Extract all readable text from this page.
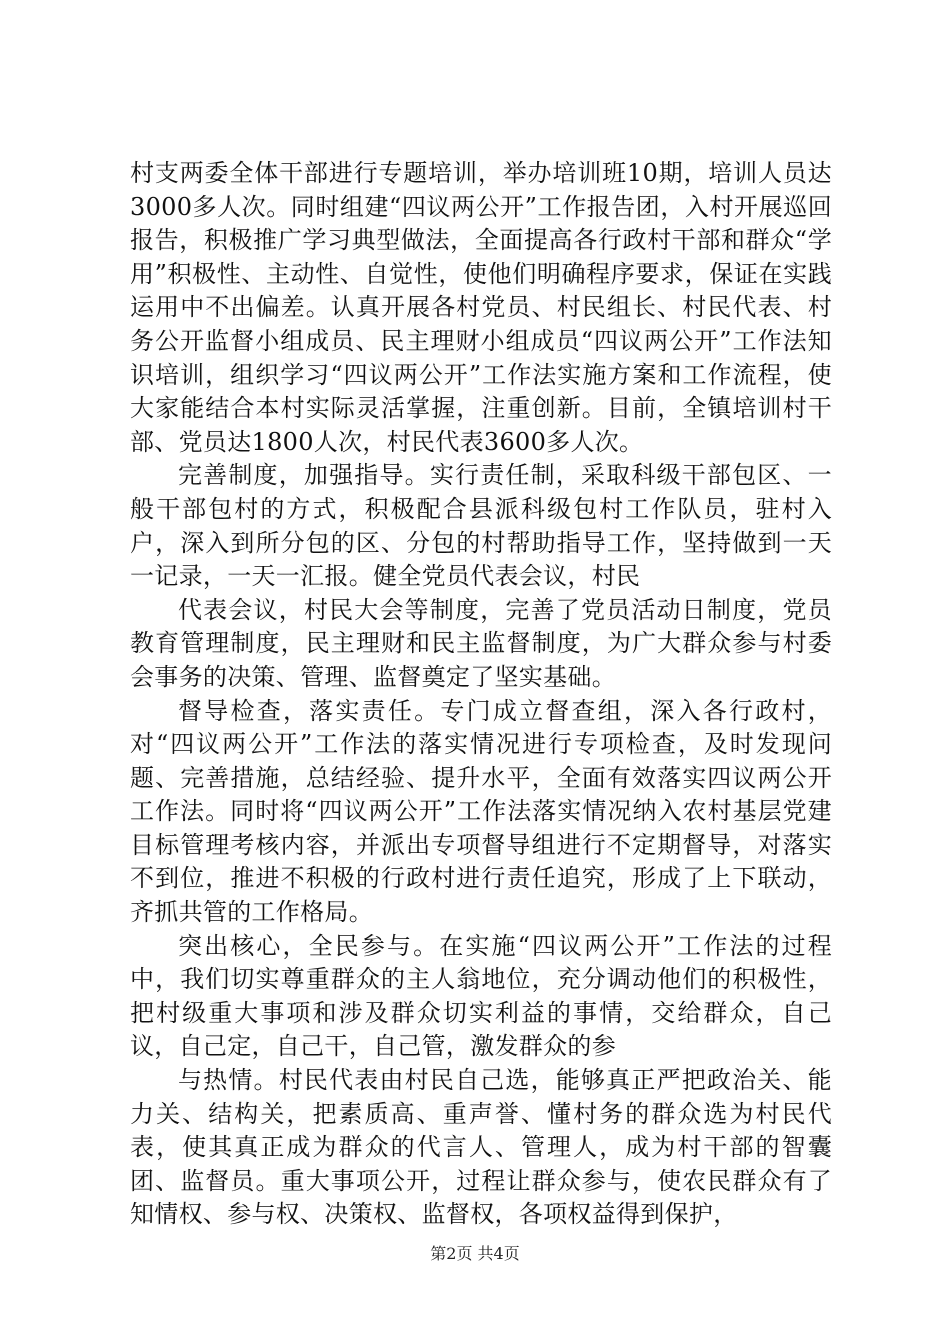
村支两委全体干部进行专题培训，举办培训班10期，培训人员达3000多人次。同时组建“四议两公开”工作报告团，入村开展巡回报告，积极推广学习典型做法，全面提高各行政村干部和群众“学用”积极性、主动性、自觉性，使他们明确程序要求，保证在实践运用中不出偏差。认真开展各村党员、村民组长、村民代表、村务公开监督小组成员、民主理财小组成员“四议两公开”工作法知识培训，组织学习“四议两公开”工作法实施方案和工作流程，使大家能结合本村实际灵活掌握，注重创新。目前，全镇培训村干部、党员达1800人次，村民代表3600多人次。

完善制度，加强指导。实行责任制，采取科级干部包区、一般干部包村的方式，积极配合县派科级包村工作队员，驻村入户，深入到所分包的区、分包的村帮助指导工作，坚持做到一天一记录，一天一汇报。健全党员代表会议，村民

代表会议，村民大会等制度，完善了党员活动日制度，党员教育管理制度，民主理财和民主监督制度，为广大群众参与村委会事务的决策、管理、监督奠定了坚实基础。

督导检查，落实责任。专门成立督查组，深入各行政村，对“四议两公开”工作法的落实情况进行专项检查，及时发现问题、完善措施，总结经验、提升水平，全面有效落实四议两公开工作法。同时将“四议两公开”工作法落实情况纳入农村基层党建目标管理考核内容，并派出专项督导组进行不定期督导，对落实不到位，推进不积极的行政村进行责任追究，形成了上下联动，齐抓共管的工作格局。

突出核心，全民参与。在实施“四议两公开”工作法的过程中，我们切实尊重群众的主人翁地位，充分调动他们的积极性，把村级重大事项和涉及群众切实利益的事情，交给群众，自己议，自己定，自己干，自己管，激发群众的参

与热情。村民代表由村民自己选，能够真正严把政治关、能力关、结构关，把素质高、重声誉、懂村务的群众选为村民代表，使其真正成为群众的代言人、管理人，成为村干部的智囊团、监督员。重大事项公开，过程让群众参与，使农民群众有了知情权、参与权、决策权、监督权，各项权益得到保护，

第2页 共4页
